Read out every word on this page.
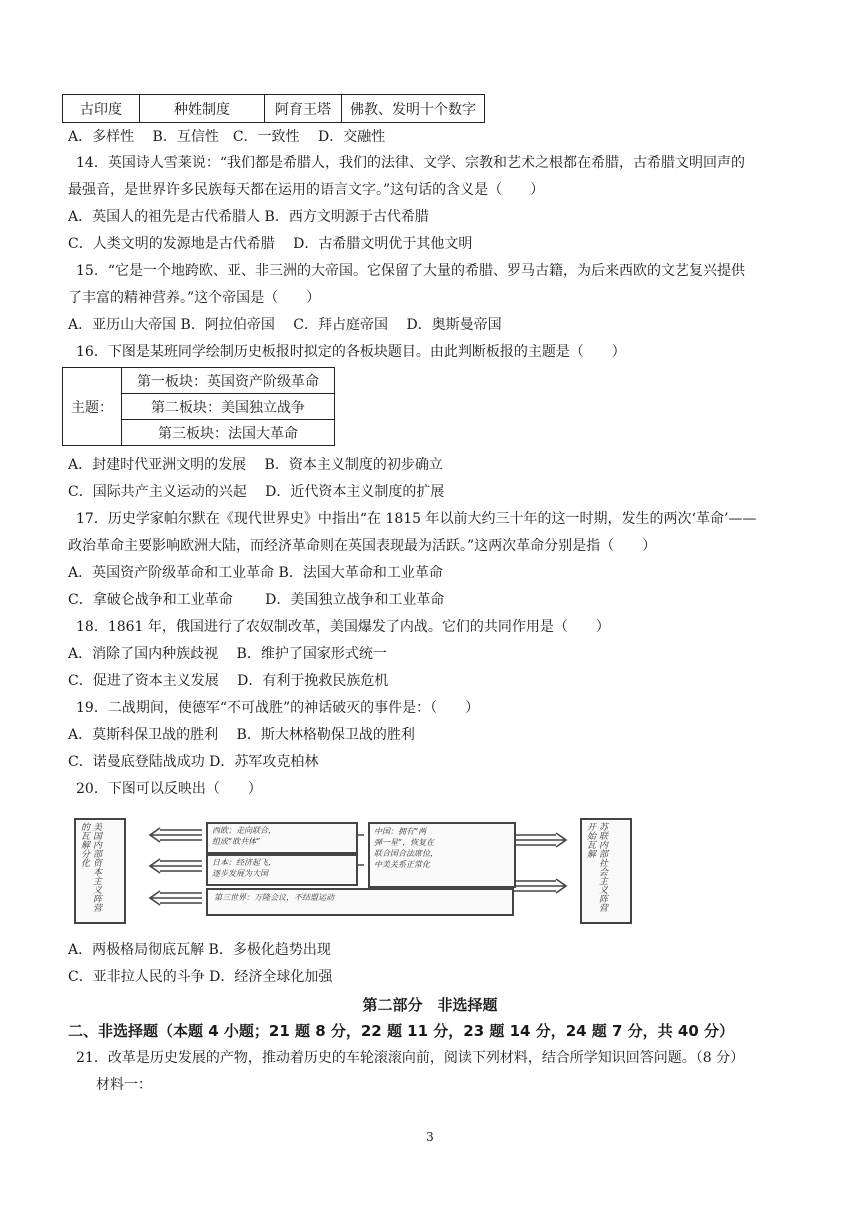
古印度	种姓制度	阿育王塔	佛教、发明十个数字
A．多样性　 B．互信性　C．一致性　 D．交融性
14．英国诗人雪莱说：“我们都是希腊人，我们的法律、文学、宗教和艺术之根都在希腊，古希腊文明回声的
最强音，是世界许多民族每天都在运用的语言文字。”这句话的含义是（　　）
A．英国人的祖先是古代希腊人 B．西方文明源于古代希腊
C．人类文明的发源地是古代希腊　 D．古希腊文明优于其他文明
15．“它是一个地跨欧、亚、非三洲的大帝国。它保留了大量的希腊、罗马古籍，为后来西欧的文艺复兴提供
了丰富的精神营养。”这个帝国是（　　）
A．亚历山大帝国 B．阿拉伯帝国　 C．拜占庭帝国　 D．奥斯曼帝国
16．下图是某班同学绘制历史板报时拟定的各板块题目。由此判断板报的主题是（　　）
主题：	第一板块：英国资产阶级革命
第二板块：美国独立战争
第三板块：法国大革命
A．封建时代亚洲文明的发展　 B．资本主义制度的初步确立
C．国际共产主义运动的兴起　 D．近代资本主义制度的扩展
17．历史学家帕尔默在《现代世界史》中指出“在 1815 年以前大约三十年的这一时期，发生的两次‘革命’——
政治革命主要影响欧洲大陆，而经济革命则在英国表现最为活跃。”这两次革命分别是指（　　）
A．英国资产阶级革命和工业革命 B．法国大革命和工业革命
C．拿破仑战争和工业革命　　 D．美国独立战争和工业革命
18．1861 年，俄国进行了农奴制改革，美国爆发了内战。它们的共同作用是（　　）
A．消除了国内种族歧视　 B．维护了国家形式统一
C．促进了资本主义发展　 D．有利于挽救民族危机
19．二战期间，使德军“不可战胜”的神话破灭的事件是：（　　）
A．莫斯科保卫战的胜利　 B．斯大林格勒保卫战的胜利
C．诺曼底登陆战成功 D．苏军攻克柏林
20．下图可以反映出（　　）
美国内部资本主义阵营的瓦解分化	西欧：走向联合，
组成“欧共体”
日本：经济起飞，
逐步发展为大国
中国：拥有“两
弹一星”，恢复在
联合国合法席位，
中美关系正常化
第三世界：万隆会议，不结盟运动	苏联内部社会主义阵营开始瓦解
A．两极格局彻底瓦解 B．多极化趋势出现
C．亚非拉人民的斗争 D．经济全球化加强
第二部分　非选择题
二、非选择题（本题 4 小题；21 题 8 分，22 题 11 分，23 题 14 分，24 题 7 分，共 40 分）
21．改革是历史发展的产物，推动着历史的车轮滚滚向前，阅读下列材料，结合所学知识回答问题。（8 分）
材料一：
3
